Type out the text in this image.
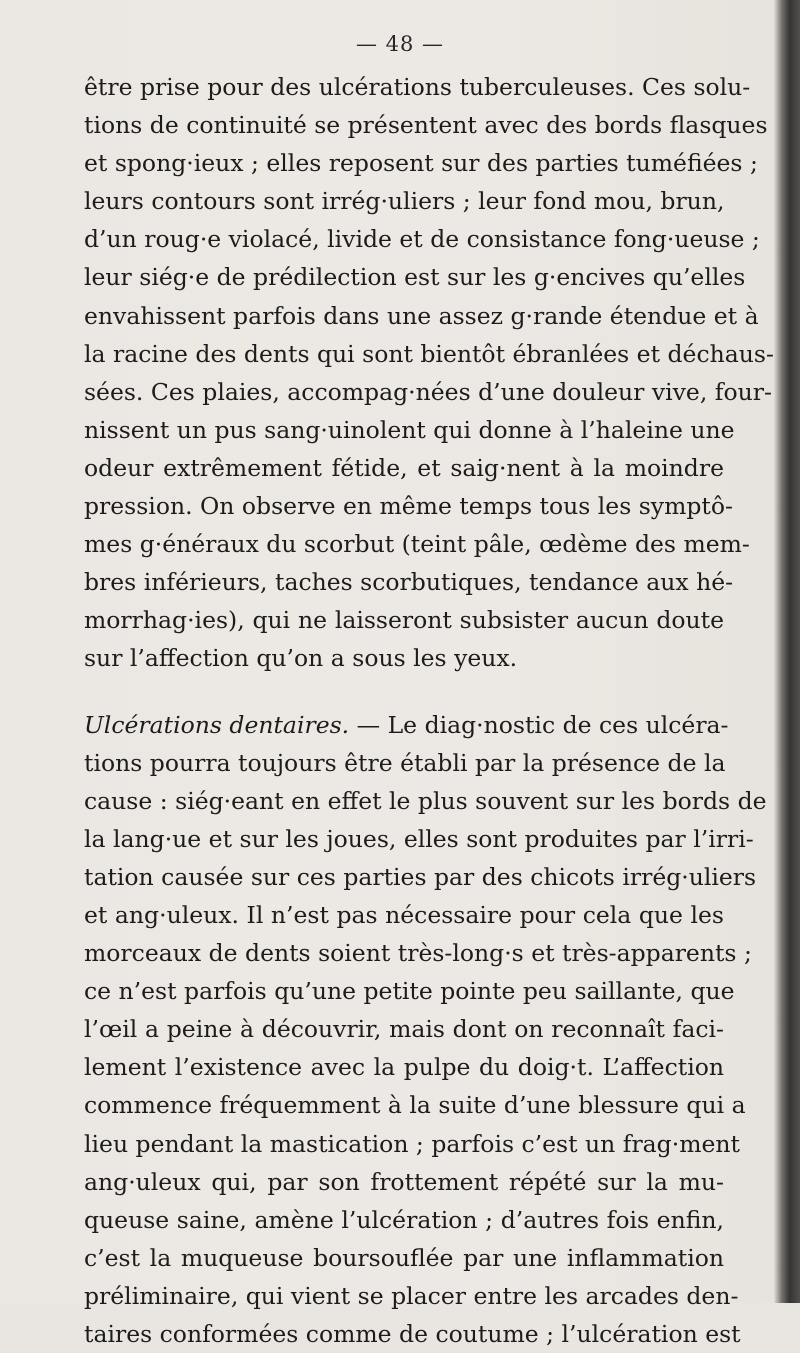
— 48 —
être prise pour des ulcérations tuberculeuses. Ces solu-
tions de continuité se présentent avec des bords flasques
et spong·ieux ; elles reposent sur des parties tuméfiées ;
leurs contours sont irrég·uliers ; leur fond mou, brun,
d’un roug·e violacé, livide et de consistance fong·ueuse ;
leur siég·e de prédilection est sur les g·encives qu’elles
envahissent parfois dans une assez g·rande étendue et à
la racine des dents qui sont bientôt ébranlées et déchaus-
sées. Ces plaies, accompag·nées d’une douleur vive, four-
nissent un pus sang·uinolent qui donne à l’haleine une
odeur extrêmement fétide, et saig·nent à la moindre
pression. On observe en même temps tous les symptô-
mes g·énéraux du scorbut (teint pâle, œdème des mem-
bres inférieurs, taches scorbutiques, tendance aux hé-
morrhag·ies), qui ne laisseront subsister aucun doute
sur l’affection qu’on a sous les yeux.
Ulcérations dentaires. — Le diag·nostic de ces ulcéra-
tions pourra toujours être établi par la présence de la
cause : siég·eant en effet le plus souvent sur les bords de
la lang·ue et sur les joues, elles sont produites par l’irri-
tation causée sur ces parties par des chicots irrég·uliers
et ang·uleux. Il n’est pas nécessaire pour cela que les
morceaux de dents soient très-long·s et très-apparents ;
ce n’est parfois qu’une petite pointe peu saillante, que
l’œil a peine à découvrir, mais dont on reconnaît faci-
lement l’existence avec la pulpe du doig·t. L’affection
commence fréquemment à la suite d’une blessure qui a
lieu pendant la mastication ; parfois c’est un frag·ment
ang·uleux qui, par son frottement répété sur la mu-
queuse saine, amène l’ulcération ; d’autres fois enfin,
c’est la muqueuse boursouflée par une inflammation
préliminaire, qui vient se placer entre les arcades den-
taires conformées comme de coutume ; l’ulcération est
